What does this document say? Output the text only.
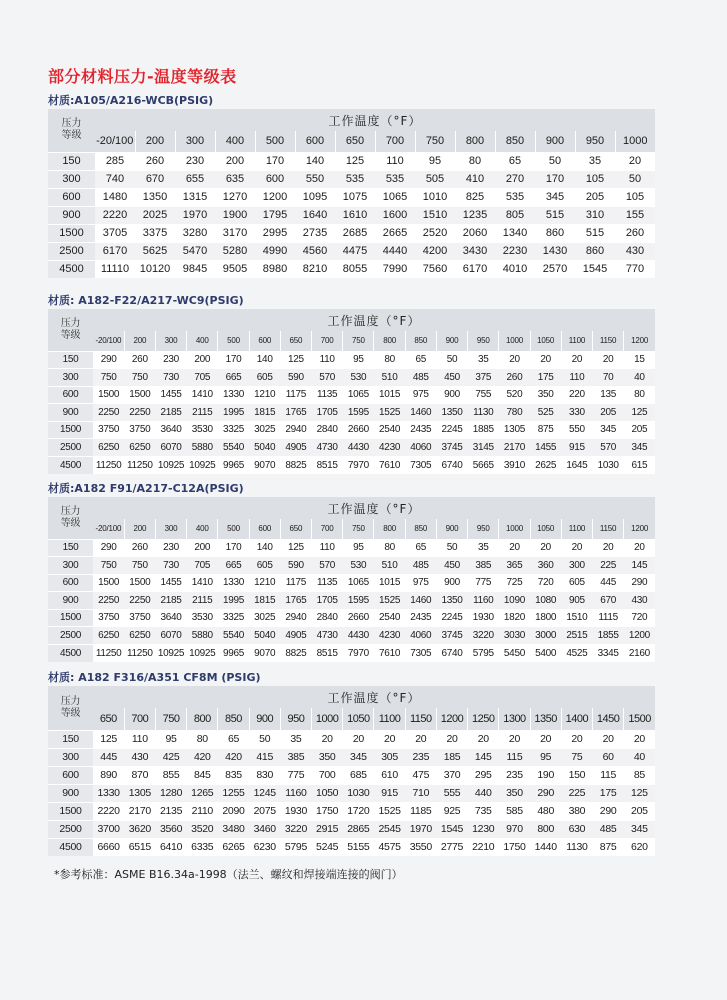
部分材料压力-温度等级表
材质:A105/A216-WCB(PSIG)
压力
等级	工作温度（°F）													
	-20/100	200	300	400	500	600	650	700	750	800	850	900	950	1000
150	285	260	230	200	170	140	125	110	95	80	65	50	35	20
300	740	670	655	635	600	550	535	535	505	410	270	170	105	50
600	1480	1350	1315	1270	1200	1095	1075	1065	1010	825	535	345	205	105
900	2220	2025	1970	1900	1795	1640	1610	1600	1510	1235	805	515	310	155
1500	3705	3375	3280	3170	2995	2735	2685	2665	2520	2060	1340	860	515	260
2500	6170	5625	5470	5280	4990	4560	4475	4440	4200	3430	2230	1430	860	430
4500	11110	10120	9845	9505	8980	8210	8055	7990	7560	6170	4010	2570	1545	770
材质: A182-F22/A217-WC9(PSIG)
压力
等级	工作温度（°F）																	
	-20/100	200	300	400	500	600	650	700	750	800	850	900	950	1000	1050	1100	1150	1200
150	290	260	230	200	170	140	125	110	95	80	65	50	35	20	20	20	20	15
300	750	750	730	705	665	605	590	570	530	510	485	450	375	260	175	110	70	40
600	1500	1500	1455	1410	1330	1210	1175	1135	1065	1015	975	900	755	520	350	220	135	80
900	2250	2250	2185	2115	1995	1815	1765	1705	1595	1525	1460	1350	1130	780	525	330	205	125
1500	3750	3750	3640	3530	3325	3025	2940	2840	2660	2540	2435	2245	1885	1305	875	550	345	205
2500	6250	6250	6070	5880	5540	5040	4905	4730	4430	4230	4060	3745	3145	2170	1455	915	570	345
4500	11250	11250	10925	10925	9965	9070	8825	8515	7970	7610	7305	6740	5665	3910	2625	1645	1030	615
材质:A182 F91/A217-C12A(PSIG)
压力
等级	工作温度（°F）																	
	-20/100	200	300	400	500	600	650	700	750	800	850	900	950	1000	1050	1100	1150	1200
150	290	260	230	200	170	140	125	110	95	80	65	50	35	20	20	20	20	20
300	750	750	730	705	665	605	590	570	530	510	485	450	385	365	360	300	225	145
600	1500	1500	1455	1410	1330	1210	1175	1135	1065	1015	975	900	775	725	720	605	445	290
900	2250	2250	2185	2115	1995	1815	1765	1705	1595	1525	1460	1350	1160	1090	1080	905	670	430
1500	3750	3750	3640	3530	3325	3025	2940	2840	2660	2540	2435	2245	1930	1820	1800	1510	1115	720
2500	6250	6250	6070	5880	5540	5040	4905	4730	4430	4230	4060	3745	3220	3030	3000	2515	1855	1200
4500	11250	11250	10925	10925	9965	9070	8825	8515	7970	7610	7305	6740	5795	5450	5400	4525	3345	2160
材质: A182 F316/A351 CF8M (PSIG)
压力
等级	工作温度（°F）																	
	650	700	750	800	850	900	950	1000	1050	1100	1150	1200	1250	1300	1350	1400	1450	1500
150	125	110	95	80	65	50	35	20	20	20	20	20	20	20	20	20	20	20
300	445	430	425	420	420	415	385	350	345	305	235	185	145	115	95	75	60	40
600	890	870	855	845	835	830	775	700	685	610	475	370	295	235	190	150	115	85
900	1330	1305	1280	1265	1255	1245	1160	1050	1030	915	710	555	440	350	290	225	175	125
1500	2220	2170	2135	2110	2090	2075	1930	1750	1720	1525	1185	925	735	585	480	380	290	205
2500	3700	3620	3560	3520	3480	3460	3220	2915	2865	2545	1970	1545	1230	970	800	630	485	345
4500	6660	6515	6410	6335	6265	6230	5795	5245	5155	4575	3550	2775	2210	1750	1440	1130	875	620
*参考标准：ASME B16.34a-1998（法兰、螺纹和焊接端连接的阀门）
